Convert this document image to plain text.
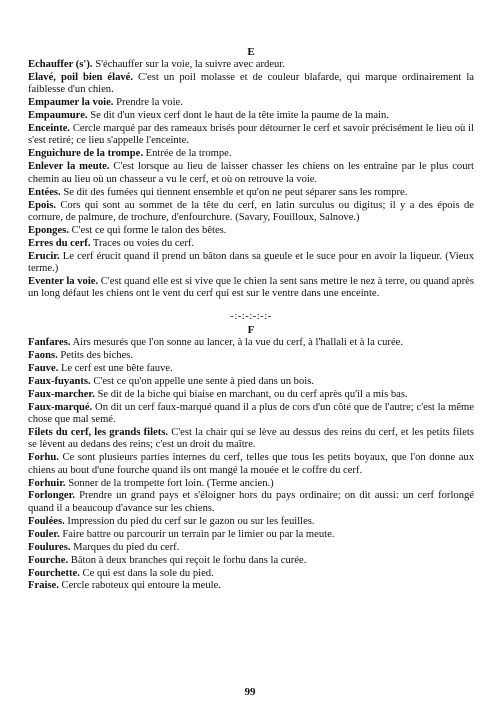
E

Echauffer (s'). S'échauffer sur la voie, la suivre avec ardeur.

Elavé, poil bien élavé. C'est un poil molasse et de couleur blafarde, qui marque ordinairement la faiblesse d'un chien.

Empaumer la voie. Prendre la voie.

Empaumure. Se dit d'un vieux cerf dont le haut de la tête imite la paume de la main.

Enceinte. Cercle marqué par des rameaux brisés pour détourner le cerf et savoir précisément le lieu où il s'est retiré; ce lieu s'appelle l'enceinte.

Enguichure de la trompe. Entrée de la trompe.

Enlever la meute. C'est lorsque au lieu de laisser chasser les chiens on les entraîne par le plus court chemin au lieu où un chasseur a vu le cerf, et où on retrouve la voie.

Entées. Se dit des fumées qui tiennent ensemble et qu'on ne peut séparer sans les rompre.

Epois. Cors qui sont au sommet de la tête du cerf, en latin surculus ou digitus; il y a des épois de cornure, de palmure, de trochure, d'enfourchure. (Savary, Fouilloux, Salnove.)

Eponges. C'est ce qui forme le talon des bêtes.

Erres du cerf. Traces ou voies du cerf.

Erucir. Le cerf érucit quand il prend un bâton dans sa gueule et le suce pour en avoir la liqueur. (Vieux terme.)

Eventer la voie. C'est quand elle est si vive que le chien la sent sans mettre le nez à terre, ou quand après un long défaut les chiens ont le vent du cerf qui est sur le ventre dans une enceinte.

-:-:-:-:-:-
F

Fanfares. Airs mesurés que l'on sonne au lancer, à la vue du cerf, à l'hallali et à la curée.

Faons. Petits des biches.

Fauve. Le cerf est une bête fauve.

Faux-fuyants. C'est ce qu'on appelle une sente à pied dans un bois.

Faux-marcher. Se dit de la biche qui biaise en marchant, ou du cerf après qu'il a mis bas.

Faux-marqué. On dit un cerf faux-marqué quand il a plus de cors d'un côté que de l'autre; c'est la même chose que mal semé.

Filets du cerf, les grands filets. C'est la chair qui se lève au dessus des reins du cerf, et les petits filets se lèvent au dedans des reins; c'est un droit du maître.

Forhu. Ce sont plusieurs parties internes du cerf, telles que tous les petits boyaux, que l'on donne aux chiens au bout d'une fourche quand ils ont mangé la mouée et le coffre du cerf.

Forhuir. Sonner de la trompette fort loin. (Terme ancien.)

Forlonger. Prendre un grand pays et s'éloigner hors du pays ordinaire; on dit aussi: un cerf forlongé quand il a beaucoup d'avance sur les chiens.

Foulées. Impression du pied du cerf sur le gazon ou sur les feuilles.

Fouler. Faire battre ou parcourir un terrain par le limier ou par la meute.

Foulures. Marques du pied du cerf.

Fourche. Bâton à deux branches qui reçoit le forhu dans la curée.

Fourchette. Ce qui est dans la sole du pied.

Fraise. Cercle raboteux qui entoure la meule.

99
